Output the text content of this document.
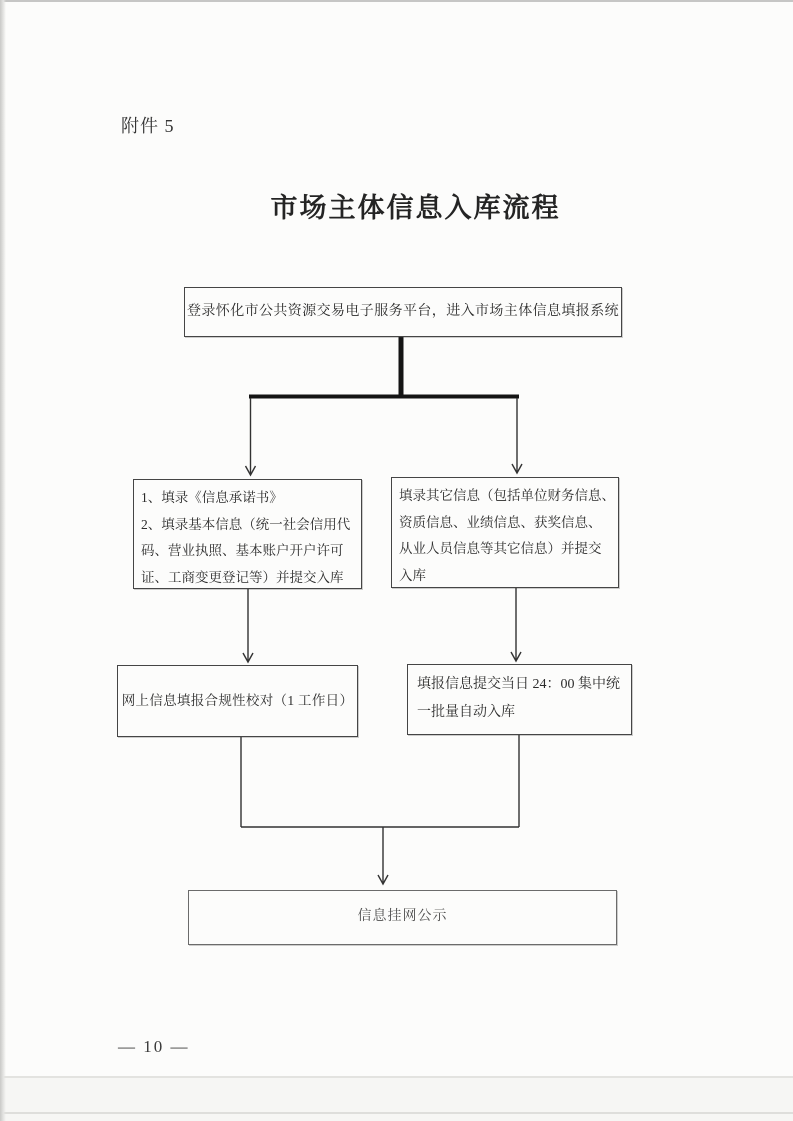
附件 5
市场主体信息入库流程
— 10 —
登录怀化市公共资源交易电子服务平台，进入市场主体信息填报系统
1、填录《信息承诺书》
2、填录基本信息（统一社会信用代
码、营业执照、基本账户开户许可
证、工商变更登记等）并提交入库
填录其它信息（包括单位财务信息、
资质信息、业绩信息、获奖信息、
从业人员信息等其它信息）并提交
入库
网上信息填报合规性校对（1 工作日）
填报信息提交当日 24：00 集中统
一批量自动入库
信息挂网公示
